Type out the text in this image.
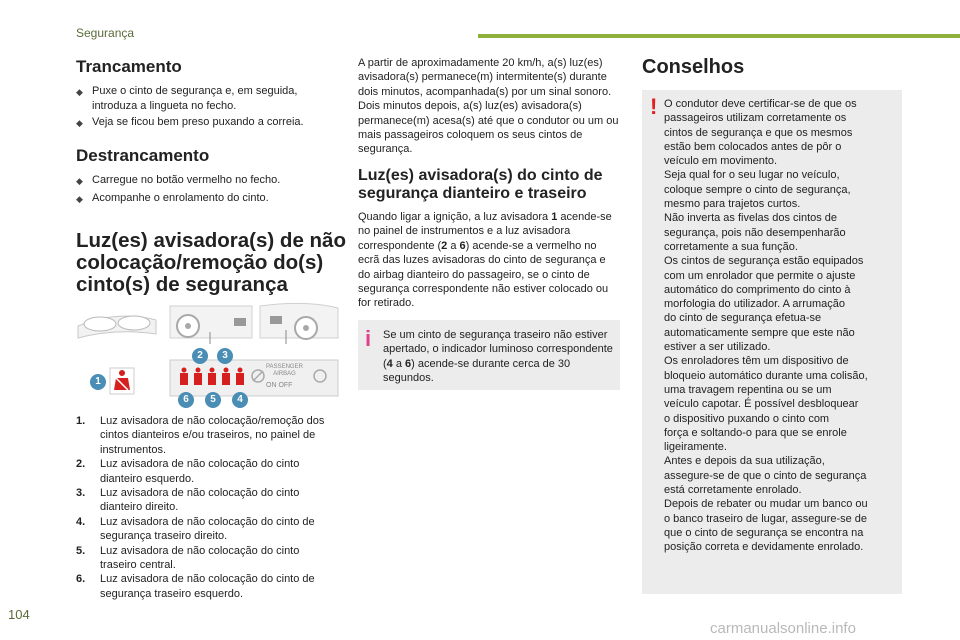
Segurança
Trancamento
◆ Puxe o cinto de segurança e, em seguida, introduza a lingueta no fecho.
◆ Veja se ficou bem preso puxando a correia.
Destrancamento
◆ Carregue no botão vermelho no fecho.
◆ Acompanhe o enrolamento do cinto.
Luz(es) avisadora(s) de não colocação/remoção do(s) cinto(s) de segurança
PASSENGER
AIRBAG
ON OFF
1
2	3
4
5
6
1.	Luz avisadora de não colocação/remoção dos cintos dianteiros e/ou traseiros, no painel de instrumentos.
2.	Luz avisadora de não colocação do cinto dianteiro esquerdo.
3.	Luz avisadora de não colocação do cinto dianteiro direito.
4.	Luz avisadora de não colocação do cinto de segurança traseiro direito.
5.	Luz avisadora de não colocação do cinto traseiro central.
6.	Luz avisadora de não colocação do cinto de segurança traseiro esquerdo.
A partir de aproximadamente 20 km/h, a(s) luz(es) avisadora(s) permanece(m) intermitente(s) durante dois minutos, acompanhada(s) por um sinal sonoro. Dois minutos depois, a(s) luz(es) avisadora(s) permanece(m) acesa(s) até que o condutor ou um ou mais passageiros coloquem os seus cintos de segurança.
Luz(es) avisadora(s) do cinto de segurança dianteiro e traseiro
Quando ligar a ignição, a luz avisadora 1 acende-se no painel de instrumentos e a luz avisadora correspondente (2 a 6) acende-se a vermelho no ecrã das luzes avisadoras do cinto de segurança e do airbag dianteiro do passageiro, se o cinto de segurança correspondente não estiver colocado ou for retirado.
i Se um cinto de segurança traseiro não estiver apertado, o indicador luminoso correspondente (4 a 6) acende-se durante cerca de 30 segundos.
Conselhos
! O condutor deve certificar-se de que os
passageiros utilizam corretamente os
cintos de segurança e que os mesmos
estão bem colocados antes de pôr o
veículo em movimento.
Seja qual for o seu lugar no veículo,
coloque sempre o cinto de segurança,
mesmo para trajetos curtos.
Não inverta as fivelas dos cintos de
segurança, pois não desempenharão
corretamente a sua função.
Os cintos de segurança estão equipados
com um enrolador que permite o ajuste
automático do comprimento do cinto à
morfologia do utilizador. A arrumação
do cinto de segurança efetua-se
automaticamente sempre que este não
estiver a ser utilizado.
Os enroladores têm um dispositivo de
bloqueio automático durante uma colisão,
uma travagem repentina ou se um
veículo capotar. É possível desbloquear
o dispositivo puxando o cinto com
força e soltando-o para que se enrole
ligeiramente.
Antes e depois da sua utilização,
assegure-se de que o cinto de segurança
está corretamente enrolado.
Depois de rebater ou mudar um banco ou
o banco traseiro de lugar, assegure-se de
que o cinto de segurança se encontra na
posição correta e devidamente enrolado.
104
carmanualsonline.info
